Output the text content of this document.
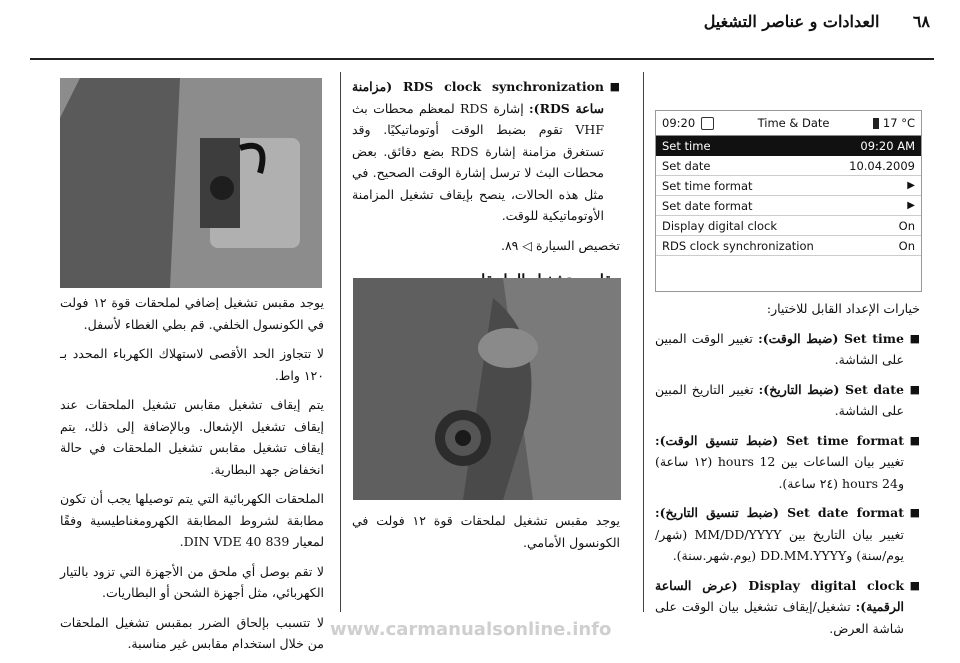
٦٨      العدادات و عناصر التشغيل
09:20	Time & Date	17 °C
Set time	09:20 AM
Set date	10.04.2009
Set time format	▶
Set date format	▶
Display digital clock	On
RDS clock synchronization	On

خيارات الإعداد القابل للاختيار:

■ Set time (ضبط الوقت): تغيير الوقت المبين على الشاشة.
■ Set date (ضبط التاريخ): تغيير التاريخ المبين على الشاشة.
■ Set time format (ضبط تنسيق الوقت): تغيير بيان الساعات بين 12 hours (١٢ ساعة) و24 hours (٢٤ ساعة).
■ Set date format (ضبط تنسيق التاريخ): تغيير بيان التاريخ بين MM/DD/YYYY (شهر/يوم/سنة) وDD.MM.YYYY (يوم.شهر.سنة).
■ Display digital clock (عرض الساعة الرقمية): تشغيل/إيقاف تشغيل بيان الوقت على شاشة العرض.
■ RDS clock synchronization (مزامنة ساعة RDS): إشارة RDS لمعظم محطات بث VHF تقوم بضبط الوقت أوتوماتيكيًا. وقد تستغرق مزامنة إشارة RDS بضع دقائق. بعض محطات البث لا ترسل إشارة الوقت الصحيح. في مثل هذه الحالات، ينصح بإيقاف تشغيل المزامنة الأوتوماتيكية للوقت.

تخصيص السيارة ◁ ٨٩.

يوجد مقبس تشغيل لملحقات قوة ١٢ فولت في الكونسول الأمامي.

يوجد مقبس تشغيل إضافي لملحقات قوة ١٢ فولت في الكونسول الخلفي. قم بطي الغطاء لأسفل.

لا تتجاوز الحد الأقصى لاستهلاك الكهرباء المحدد بـ ١٢٠ واط.

يتم إيقاف تشغيل مقابس تشغيل الملحقات عند إيقاف تشغيل الإشعال. وبالإضافة إلى ذلك، يتم إيقاف تشغيل مقابس تشغيل الملحقات في حالة انخفاض جهد البطارية.

الملحقات الكهربائية التي يتم توصيلها يجب أن تكون مطابقة لشروط المطابقة الكهرومغناطيسية وفقًا لمعيار DIN VDE 40 839.

لا تقم بوصل أي ملحق من الأجهزة التي تزود بالتيار الكهربائي، مثل أجهزة الشحن أو البطاريات.

لا تتسبب بإلحاق الضرر بمقبس تشغيل الملحقات من خلال استخدام مقابس غير مناسبة.

www.carmanualsonline.info
